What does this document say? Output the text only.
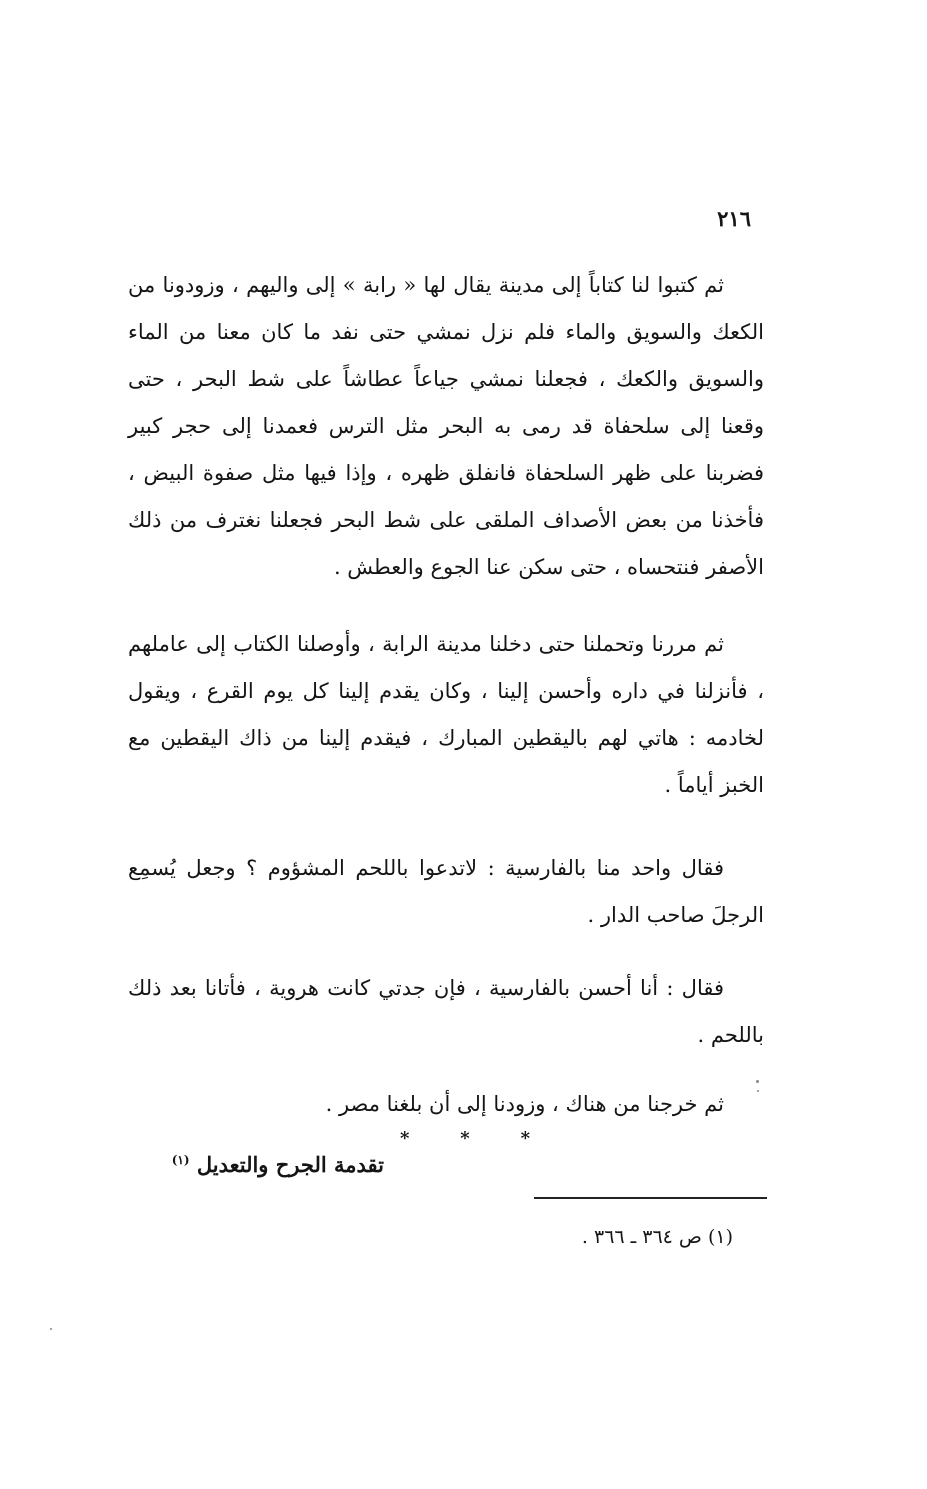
٢١٦

ثم كتبوا لنا كتاباً إلى مدينة يقال لها « رابة » إلى واليهم ، وزودونا من الكعك والسويق والماء فلم نزل نمشي حتى نفد ما كان معنا من الماء والسويق والكعك ، فجعلنا نمشي جياعاً عطاشاً على شط البحر ، حتى وقعنا إلى سلحفاة قد رمى به البحر مثل الترس فعمدنا إلى حجر كبير فضربنا على ظهر السلحفاة فانفلق ظهره ، وإذا فيها مثل صفوة البيض ، فأخذنا من بعض الأصداف الملقى على شط البحر فجعلنا نغترف من ذلك الأصفر فنتحساه ، حتى سكن عنا الجوع والعطش .

ثم مررنا وتحملنا حتى دخلنا مدينة الرابة ، وأوصلنا الكتاب إلى عاملهم ، فأنزلنا في داره وأحسن إلينا ، وكان يقدم إلينا كل يوم القرع ، ويقول لخادمه : هاتي لهم باليقطين المبارك ، فيقدم إلينا من ذاك اليقطين مع الخبز أياماً .

فقال واحد منا بالفارسية : لاتدعوا باللحم المشؤوم ؟ وجعل يُسمِع الرجلَ صاحب الدار .

فقال : أنا أحسن بالفارسية ، فإن جدتي كانت هروية ، فأتانا بعد ذلك باللحم .

ثم خرجنا من هناك ، وزودنا إلى أن بلغنا مصر .

تقدمة الجرح والتعديل $^{(١)}$
*	*	*
(١) ص ٣٦٤ ـ ٣٦٦ .
